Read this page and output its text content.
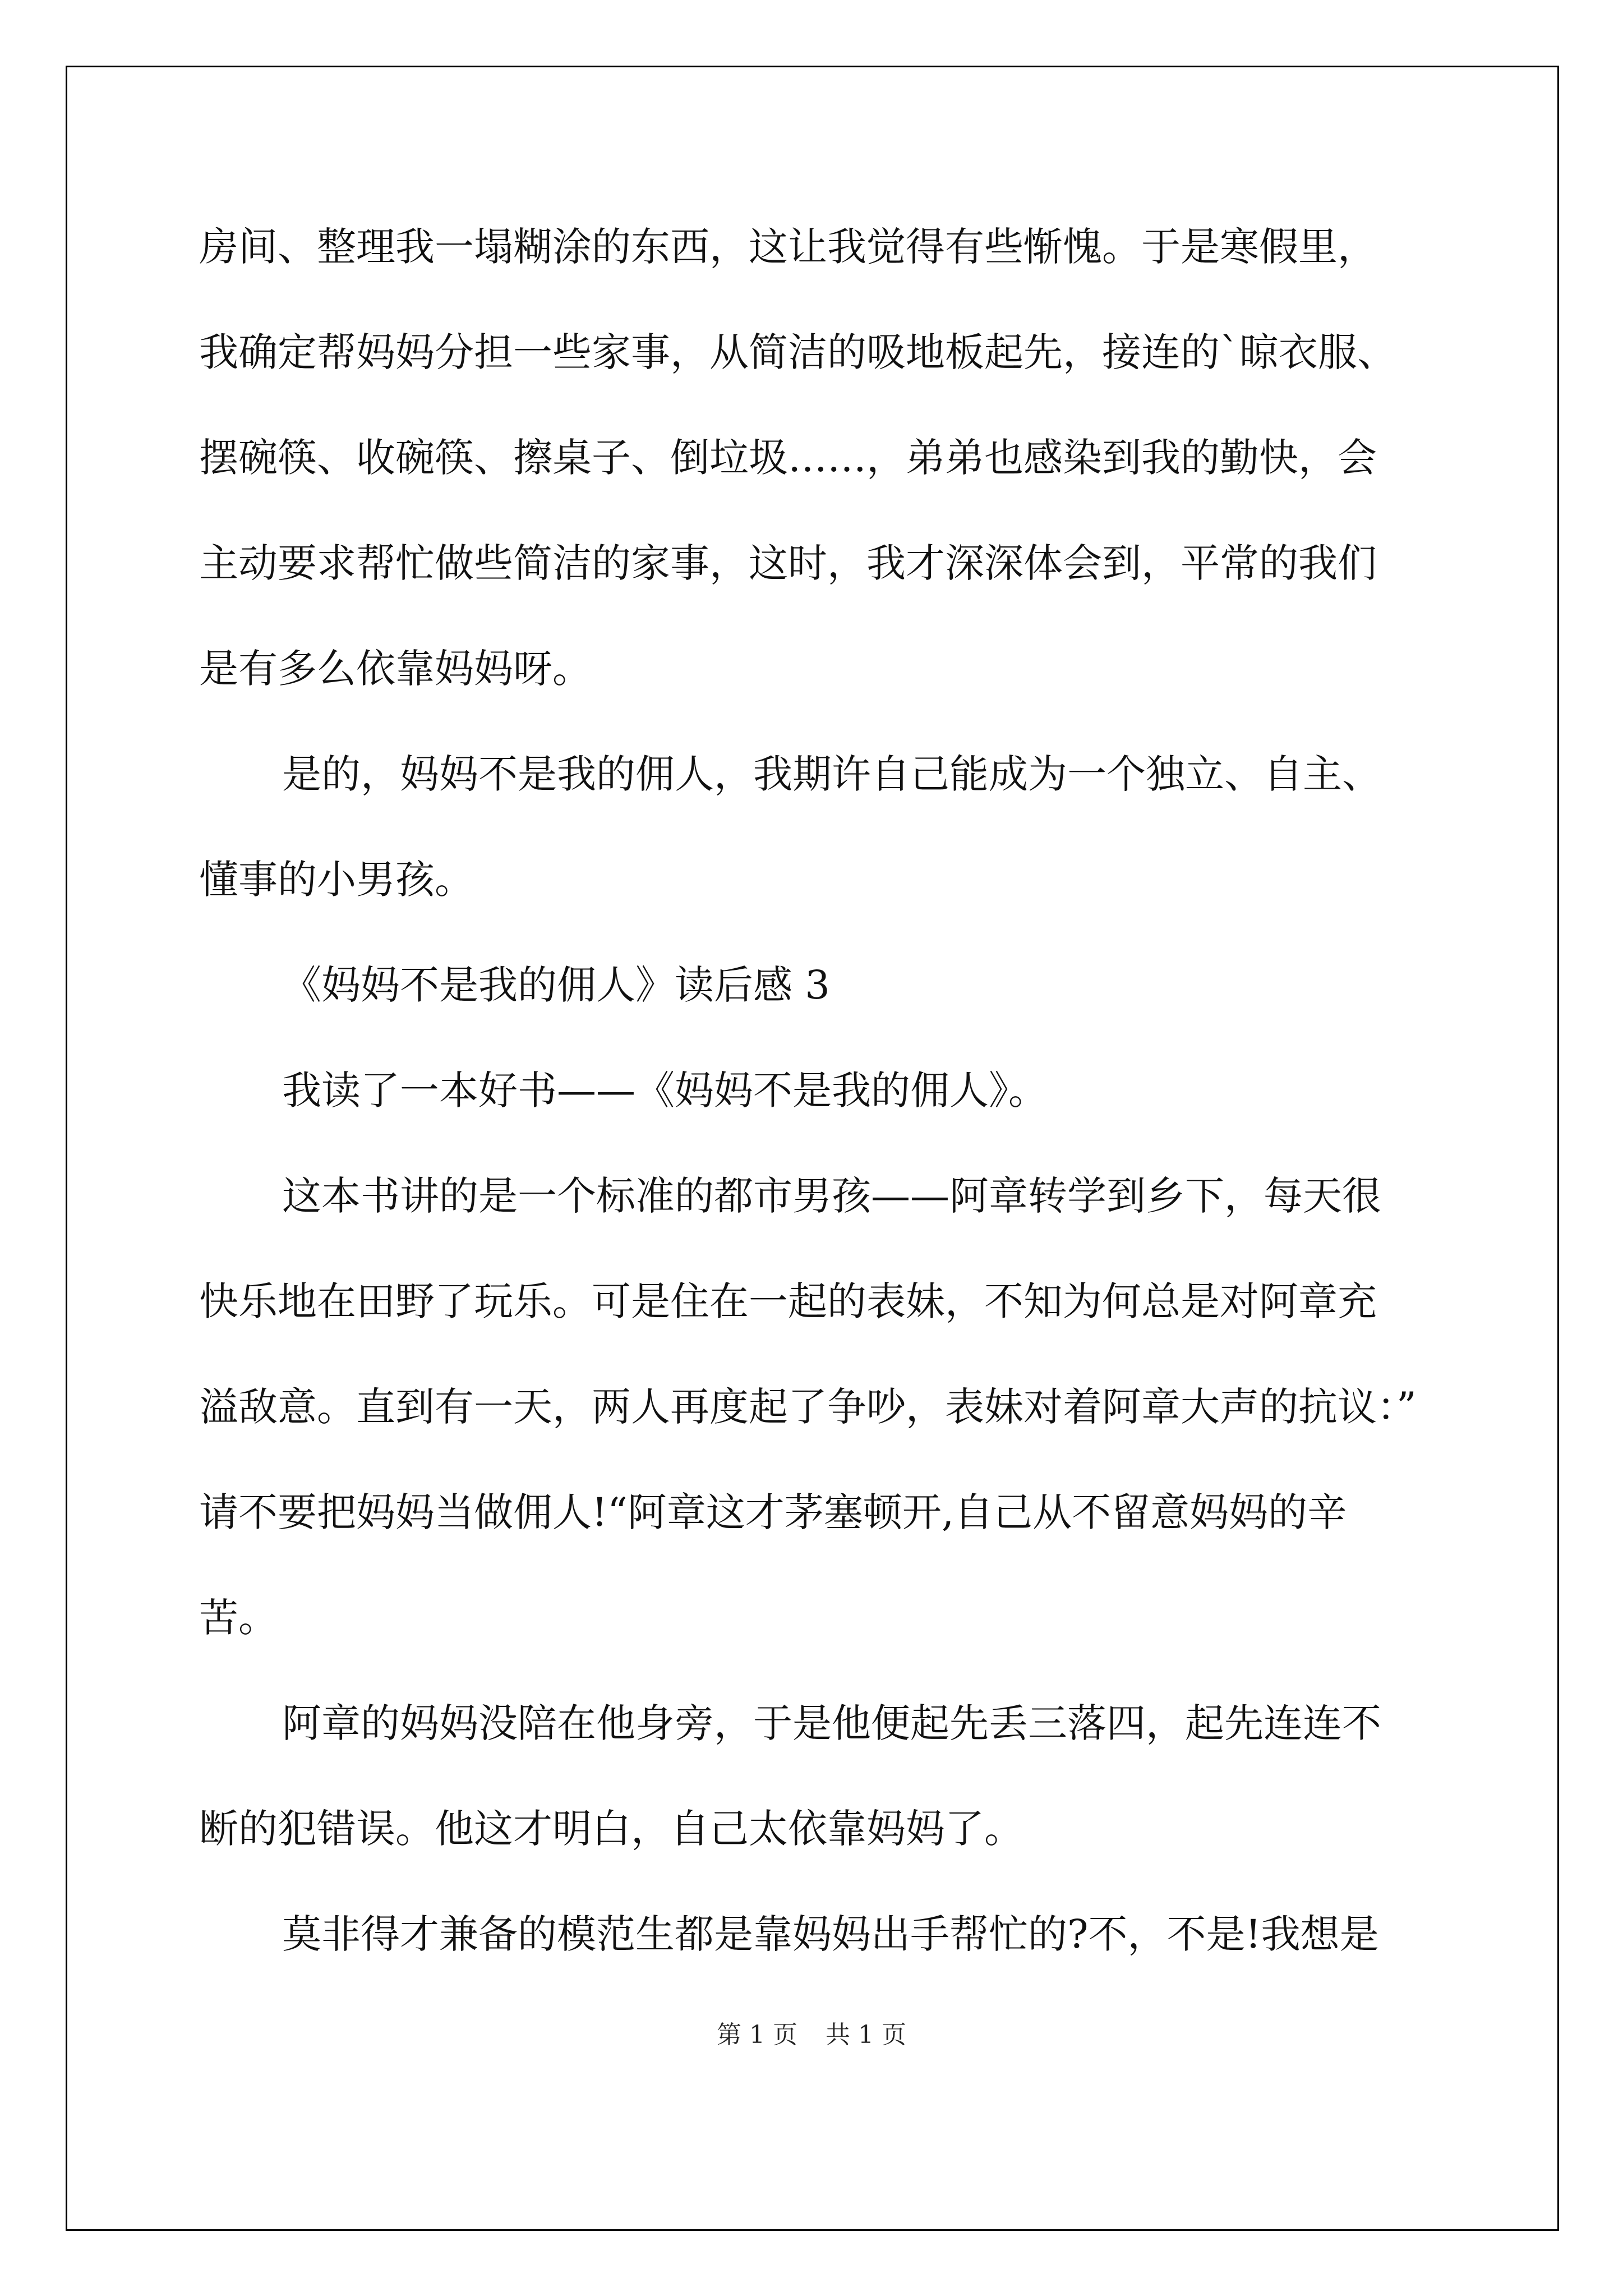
房间、整理我一塌糊涂的东西，这让我觉得有些惭愧。于是寒假里，
我确定帮妈妈分担一些家事，从简洁的吸地板起先，接连的`晾衣服、
摆碗筷、收碗筷、擦桌子、倒垃圾……，弟弟也感染到我的勤快，会
主动要求帮忙做些简洁的家事，这时，我才深深体会到，平常的我们
是有多么依靠妈妈呀。
是的，妈妈不是我的佣人，我期许自己能成为一个独立、自主、
懂事的小男孩。
《妈妈不是我的佣人》读后感 3
我读了一本好书——《妈妈不是我的佣人》。
这本书讲的是一个标准的都市男孩——阿章转学到乡下，每天很
快乐地在田野了玩乐。可是住在一起的表妹，不知为何总是对阿章充
溢敌意。直到有一天，两人再度起了争吵，表妹对着阿章大声的抗议：”
请不要把妈妈当做佣人!“阿章这才茅塞顿开,自己从不留意妈妈的辛
苦。
阿章的妈妈没陪在他身旁，于是他便起先丢三落四，起先连连不
断的犯错误。他这才明白，自己太依靠妈妈了。
莫非得才兼备的模范生都是靠妈妈出手帮忙的?不，不是!我想是
第 1 页 共 1 页
